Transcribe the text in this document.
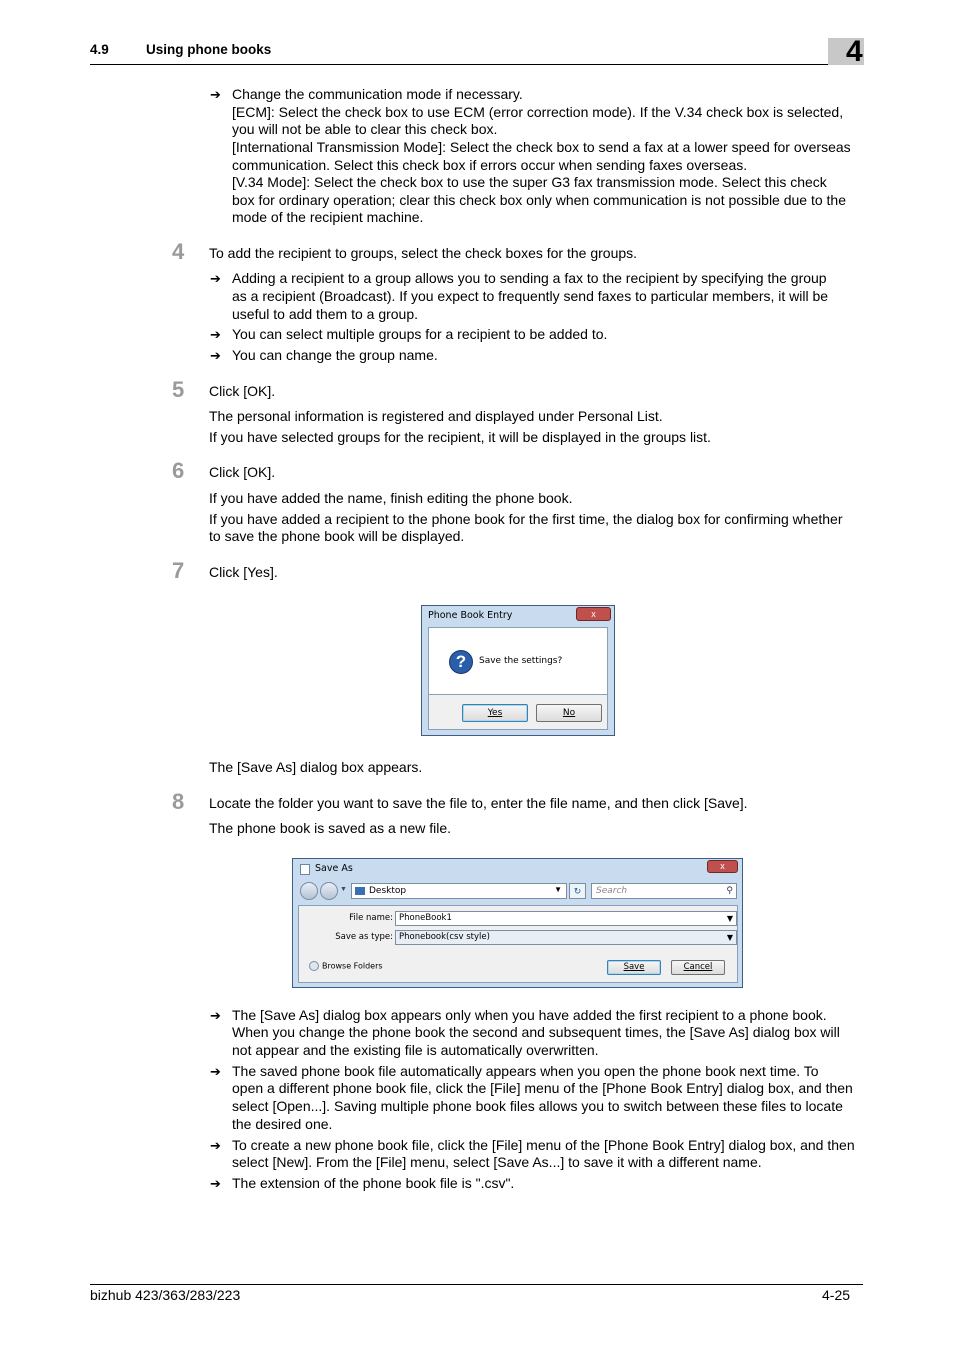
4.9	Using phone books	4
➔ Change the communication mode if necessary.
[ECM]: Select the check box to use ECM (error correction mode). If the V.34 check box is selected,
you will not be able to clear this check box.
[International Transmission Mode]: Select the check box to send a fax at a lower speed for overseas
communication. Select this check box if errors occur when sending faxes overseas.
[V.34 Mode]: Select the check box to use the super G3 fax transmission mode. Select this check
box for ordinary operation; clear this check box only when communication is not possible due to the
mode of the recipient machine.
4 To add the recipient to groups, select the check boxes for the groups.
➔ Adding a recipient to a group allows you to sending a fax to the recipient by specifying the group
as a recipient (Broadcast). If you expect to frequently send faxes to particular members, it will be
useful to add them to a group.
➔ You can select multiple groups for a recipient to be added to.
➔ You can change the group name.
5 Click [OK].
The personal information is registered and displayed under Personal List.
If you have selected groups for the recipient, it will be displayed in the groups list.
6 Click [OK].
If you have added the name, finish editing the phone book.
If you have added a recipient to the phone book for the first time, the dialog box for confirming whether
to save the phone book will be displayed.
7 Click [Yes].
Phone Book Entry	x
?	Save the settings?
Yes	No
The [Save As] dialog box appears.
8 Locate the folder you want to save the file to, enter the file name, and then click [Save].
The phone book is saved as a new file.
Save As	x
▼ Desktop	▼	↻	Search	⚲
File name: PhoneBook1	▼
Save as type: Phonebook(csv style)	▼
Browse Folders	Save	Cancel
➔ The [Save As] dialog box appears only when you have added the first recipient to a phone book.
When you change the phone book the second and subsequent times, the [Save As] dialog box will
not appear and the existing file is automatically overwritten.
➔ The saved phone book file automatically appears when you open the phone book next time. To
open a different phone book file, click the [File] menu of the [Phone Book Entry] dialog box, and then
select [Open...]. Saving multiple phone book files allows you to switch between these files to locate
the desired one.
➔ To create a new phone book file, click the [File] menu of the [Phone Book Entry] dialog box, and then
select [New]. From the [File] menu, select [Save As...] to save it with a different name.
➔ The extension of the phone book file is ".csv".
bizhub 423/363/283/223	4-25
